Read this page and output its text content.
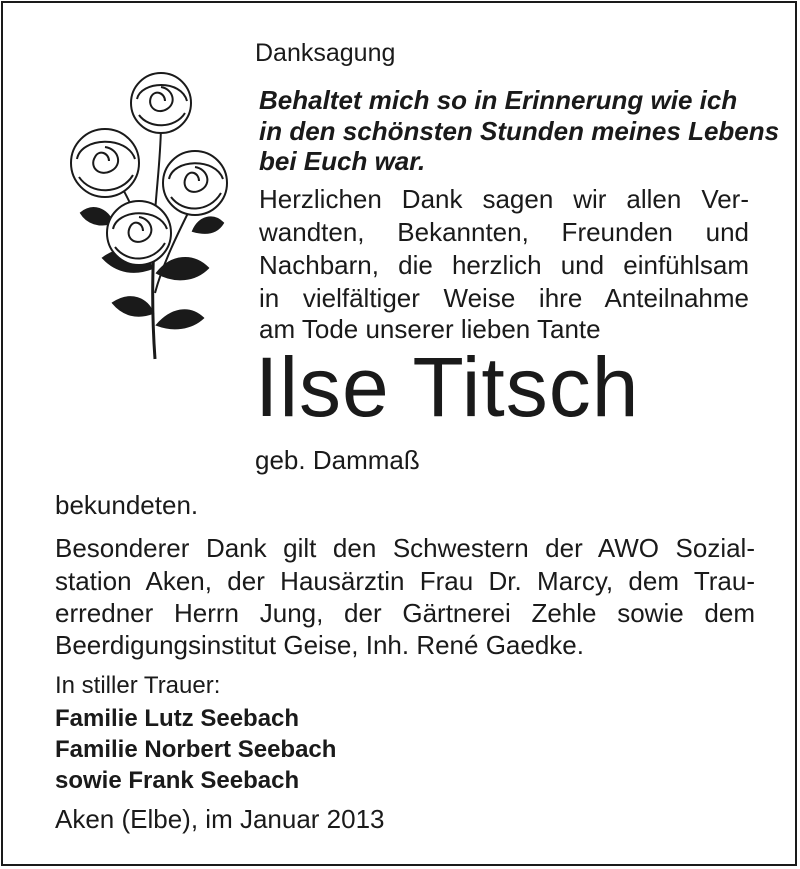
Danksagung

Behaltet mich so in Erinnerung wie ich

in den schönsten Stunden meines Lebens

bei Euch war.

Herzlichen Dank sagen wir allen Ver-

wandten, Bekannten, Freunden und

Nachbarn, die herzlich und einfühlsam

in vielfältiger Weise ihre Anteilnahme

am Tode unserer lieben Tante

Ilse Titsch

geb. Dammaß

bekundeten.

Besonderer Dank gilt den Schwestern der AWO Sozial-

station Aken, der Hausärztin Frau Dr. Marcy, dem Trau-

erredner Herrn Jung, der Gärtnerei Zehle sowie dem

Beerdigungsinstitut Geise, Inh. René Gaedke.

In stiller Trauer:

Familie Lutz Seebach

Familie Norbert Seebach

sowie Frank Seebach

Aken (Elbe), im Januar 2013
